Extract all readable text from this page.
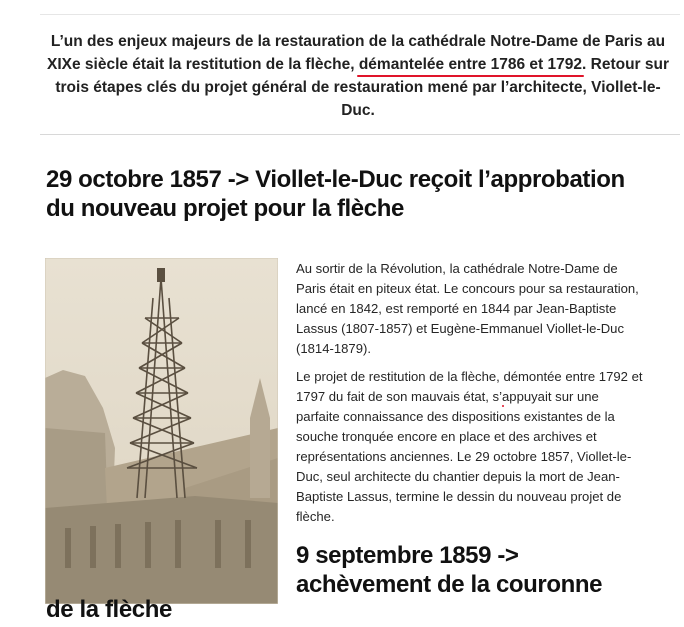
L’un des enjeux majeurs de la restauration de la cathédrale Notre-Dame de Paris au XIXe siècle était la restitution de la flèche, démantelée entre 1786 et 1792. Retour sur trois étapes clés du projet général de restauration mené par l’architecte, Viollet-le-Duc.
29 octobre 1857 -> Viollet-le-Duc reçoit l’approbation du nouveau projet pour la flèche

Au sortir de la Révolution, la cathédrale Notre-Dame de Paris était en piteux état. Le concours pour sa restauration, lancé en 1842, est remporté en 1844 par Jean-Baptiste Lassus (1807-1857) et Eugène-Emmanuel Viollet-le-Duc (1814-1879).

Le projet de restitution de la flèche, démontée entre 1792 et 1797 du fait de son mauvais état, s’appuyait sur une parfaite connaissance des dispositions existantes de la souche tronquée encore en place et des archives et représentations anciennes. Le 29 octobre 1857, Viollet-le-Duc, seul architecte du chantier depuis la mort de Jean-Baptiste Lassus, termine le dessin du nouveau projet de flèche.

9 septembre 1859 -> achèvement de la couronne
de la flèche
